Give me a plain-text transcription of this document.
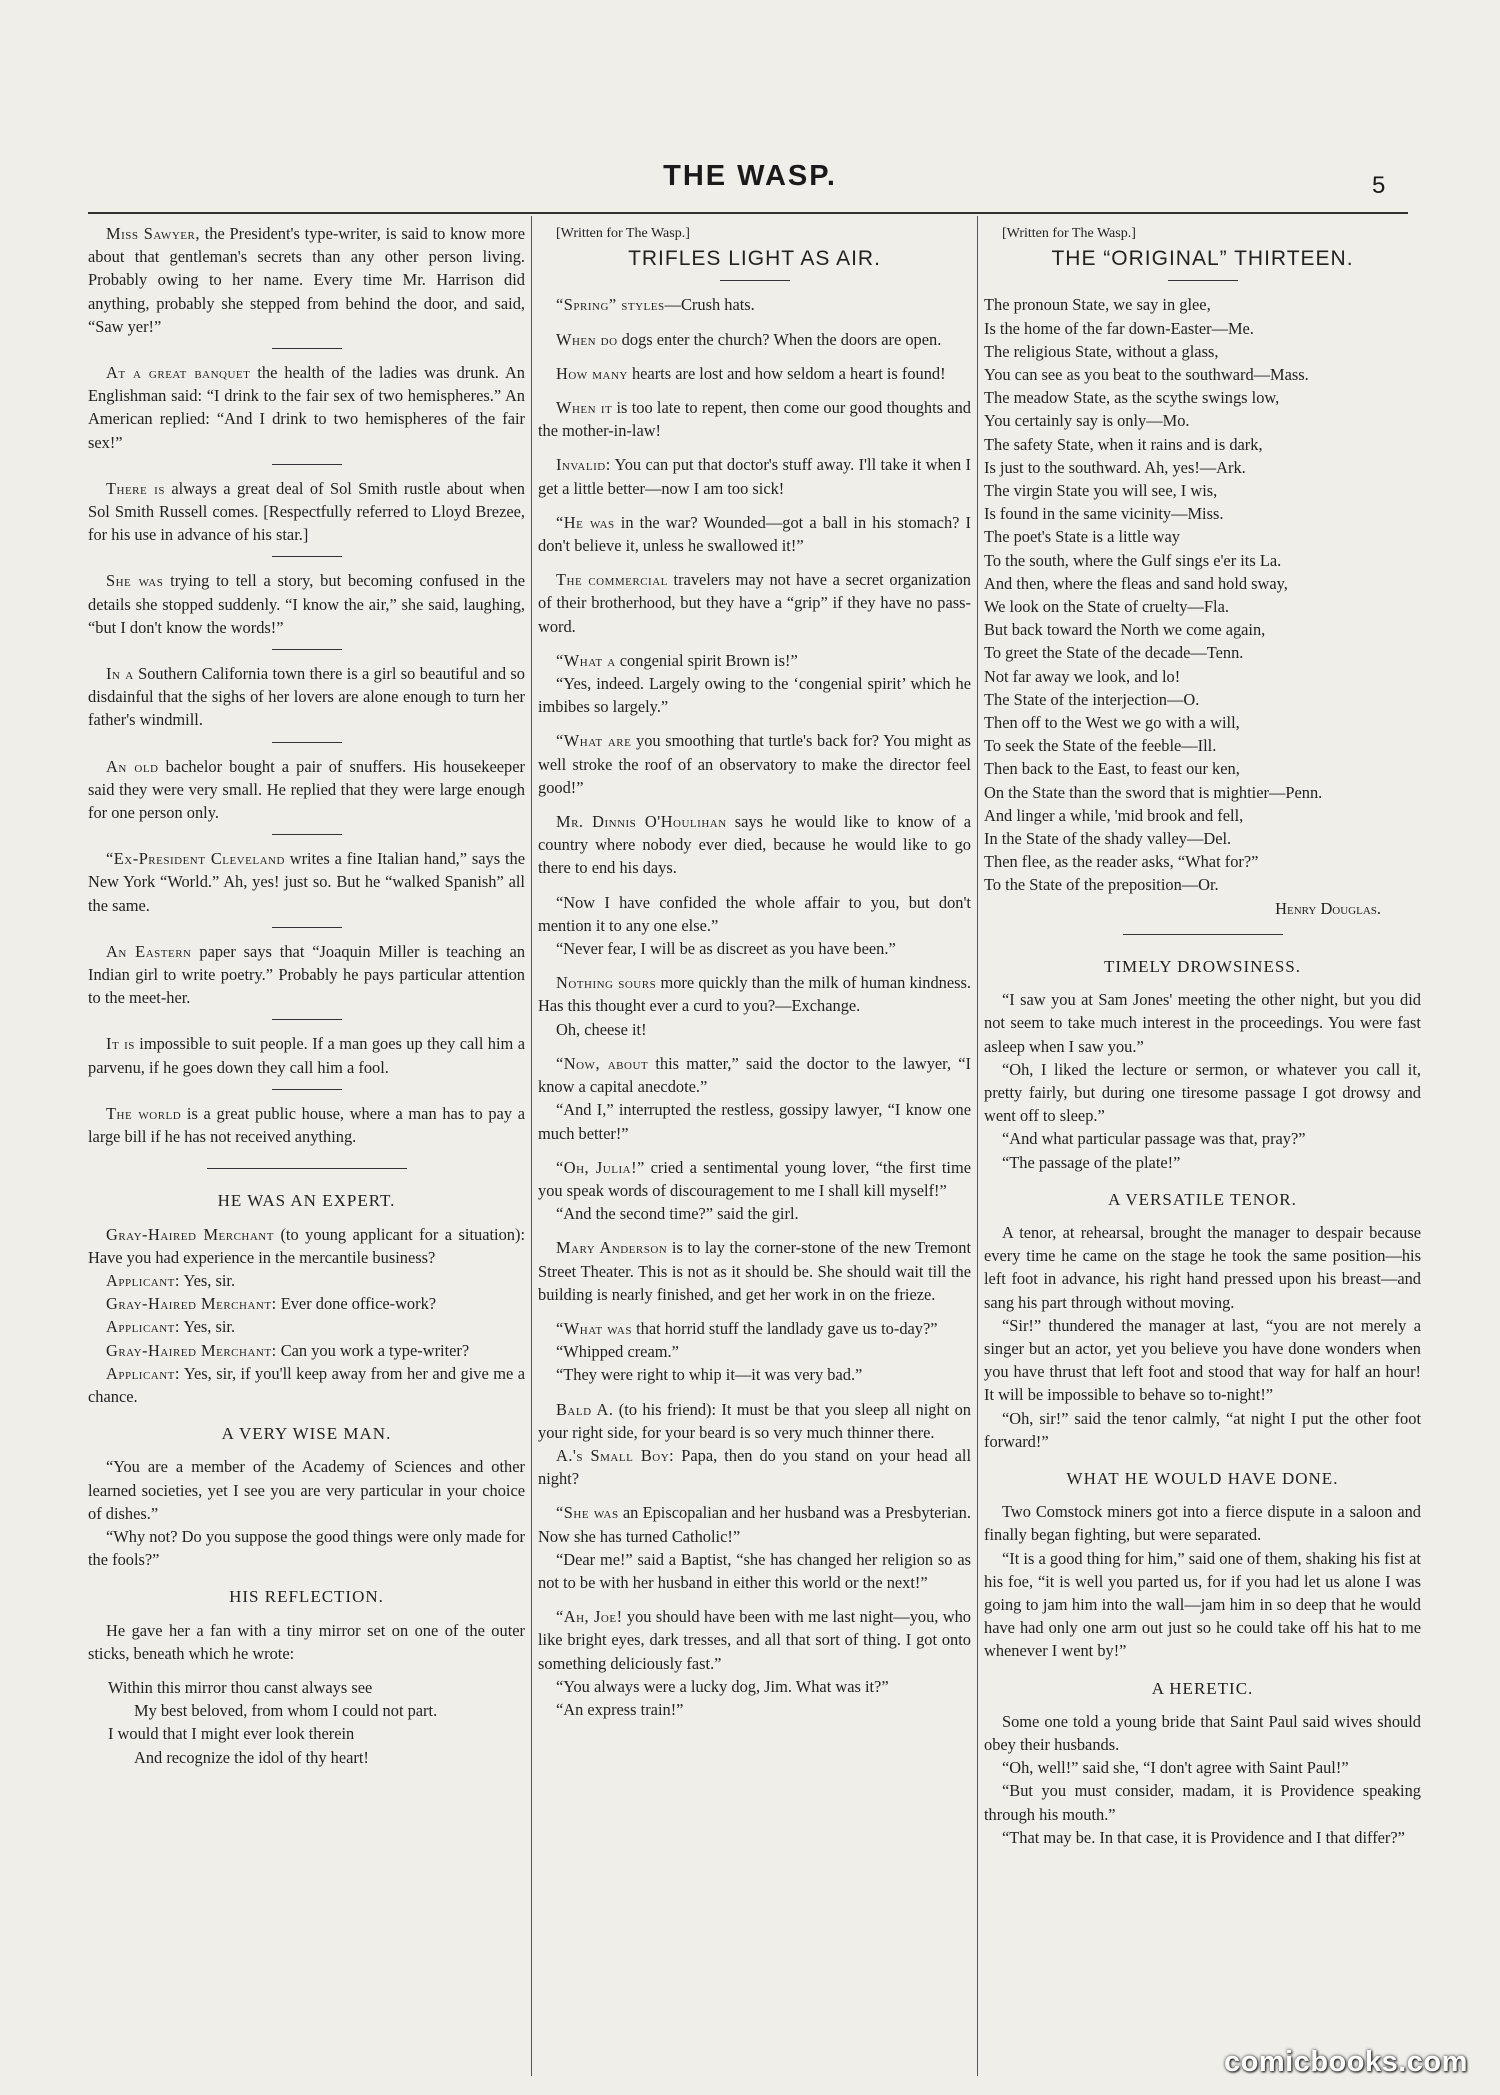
THE WASP.	5

Miss Sawyer, the President's type-writer, is said to know more about that gentleman's secrets than any other person living. Probably owing to her name. Every time Mr. Harrison did anything, probably she stepped from behind the door, and said, “Saw yer!”

At a great banquet the health of the ladies was drunk. An Englishman said: “I drink to the fair sex of two hemispheres.” An American replied: “And I drink to two hemispheres of the fair sex!”

There is always a great deal of Sol Smith rustle about when Sol Smith Russell comes. [Respectfully referred to Lloyd Brezee, for his use in advance of his star.]

She was trying to tell a story, but becoming confused in the details she stopped suddenly. “I know the air,” she said, laughing, “but I don't know the words!”

In a Southern California town there is a girl so beautiful and so disdainful that the sighs of her lovers are alone enough to turn her father's windmill.

An old bachelor bought a pair of snuffers. His housekeeper said they were very small. He replied that they were large enough for one person only.

“Ex-President Cleveland writes a fine Italian hand,” says the New York “World.” Ah, yes! just so. But he “walked Spanish” all the same.

An Eastern paper says that “Joaquin Miller is teaching an Indian girl to write poetry.” Probably he pays particular attention to the meet-her.

It is impossible to suit people. If a man goes up they call him a parvenu, if he goes down they call him a fool.

The world is a great public house, where a man has to pay a large bill if he has not received anything.

HE WAS AN EXPERT.

Gray-Haired Merchant (to young applicant for a situation): Have you had experience in the mercantile business?

Applicant: Yes, sir.

Gray-Haired Merchant: Ever done office-work?

Applicant: Yes, sir.

Gray-Haired Merchant: Can you work a type-writer?

Applicant: Yes, sir, if you'll keep away from her and give me a chance.

A VERY WISE MAN.

“You are a member of the Academy of Sciences and other learned societies, yet I see you are very particular in your choice of dishes.”

“Why not? Do you suppose the good things were only made for the fools?”

HIS REFLECTION.

He gave her a fan with a tiny mirror set on one of the outer sticks, beneath which he wrote:

Within this mirror thou canst always see
My best beloved, from whom I could not part.
I would that I might ever look therein
And recognize the idol of thy heart!

[Written for The Wasp.]

TRIFLES LIGHT AS AIR.

“Spring” styles—Crush hats.

When do dogs enter the church? When the doors are open.

How many hearts are lost and how seldom a heart is found!

When it is too late to repent, then come our good thoughts and the mother-in-law!

Invalid: You can put that doctor's stuff away. I'll take it when I get a little better—now I am too sick!

“He was in the war? Wounded—got a ball in his stomach? I don't believe it, unless he swallowed it!”

The commercial travelers may not have a secret organization of their brotherhood, but they have a “grip” if they have no pass-word.

“What a congenial spirit Brown is!”

“Yes, indeed. Largely owing to the ‘congenial spirit’ which he imbibes so largely.”

“What are you smoothing that turtle's back for? You might as well stroke the roof of an observatory to make the director feel good!”

Mr. Dinnis O'Houlihan says he would like to know of a country where nobody ever died, because he would like to go there to end his days.

“Now I have confided the whole affair to you, but don't mention it to any one else.”

“Never fear, I will be as discreet as you have been.”

Nothing sours more quickly than the milk of human kindness. Has this thought ever a curd to you?—Exchange.

Oh, cheese it!

“Now, about this matter,” said the doctor to the lawyer, “I know a capital anecdote.”

“And I,” interrupted the restless, gossipy lawyer, “I know one much better!”

“Oh, Julia!” cried a sentimental young lover, “the first time you speak words of discouragement to me I shall kill myself!”

“And the second time?” said the girl.

Mary Anderson is to lay the corner-stone of the new Tremont Street Theater. This is not as it should be. She should wait till the building is nearly finished, and get her work in on the frieze.

“What was that horrid stuff the landlady gave us to-day?”

“Whipped cream.”

“They were right to whip it—it was very bad.”

Bald A. (to his friend): It must be that you sleep all night on your right side, for your beard is so very much thinner there.

A.'s Small Boy: Papa, then do you stand on your head all night?

“She was an Episcopalian and her husband was a Presbyterian. Now she has turned Catholic!”

“Dear me!” said a Baptist, “she has changed her religion so as not to be with her husband in either this world or the next!”

“Ah, Joe! you should have been with me last night—you, who like bright eyes, dark tresses, and all that sort of thing. I got onto something deliciously fast.”

“You always were a lucky dog, Jim. What was it?”

“An express train!”

[Written for The Wasp.]

THE “ORIGINAL” THIRTEEN.
The pronoun State, we say in glee,
Is the home of the far down-Easter—Me.
The religious State, without a glass,
You can see as you beat to the southward—Mass.
The meadow State, as the scythe swings low,
You certainly say is only—Mo.
The safety State, when it rains and is dark,
Is just to the southward. Ah, yes!—Ark.
The virgin State you will see, I wis,
Is found in the same vicinity—Miss.
The poet's State is a little way
To the south, where the Gulf sings e'er its La.
And then, where the fleas and sand hold sway,
We look on the State of cruelty—Fla.
But back toward the North we come again,
To greet the State of the decade—Tenn.
Not far away we look, and lo!
The State of the interjection—O.
Then off to the West we go with a will,
To seek the State of the feeble—Ill.
Then back to the East, to feast our ken,
On the State than the sword that is mightier—Penn.
And linger a while, 'mid brook and fell,
In the State of the shady valley—Del.
Then flee, as the reader asks, “What for?”
To the State of the preposition—Or.

Henry Douglas.

TIMELY DROWSINESS.

“I saw you at Sam Jones' meeting the other night, but you did not seem to take much interest in the proceedings. You were fast asleep when I saw you.”

“Oh, I liked the lecture or sermon, or whatever you call it, pretty fairly, but during one tiresome passage I got drowsy and went off to sleep.”

“And what particular passage was that, pray?”

“The passage of the plate!”

A VERSATILE TENOR.

A tenor, at rehearsal, brought the manager to despair because every time he came on the stage he took the same position—his left foot in advance, his right hand pressed upon his breast—and sang his part through without moving.

“Sir!” thundered the manager at last, “you are not merely a singer but an actor, yet you believe you have done wonders when you have thrust that left foot and stood that way for half an hour! It will be impossible to behave so to-night!”

“Oh, sir!” said the tenor calmly, “at night I put the other foot forward!”

WHAT HE WOULD HAVE DONE.

Two Comstock miners got into a fierce dispute in a saloon and finally began fighting, but were separated.

“It is a good thing for him,” said one of them, shaking his fist at his foe, “it is well you parted us, for if you had let us alone I was going to jam him into the wall—jam him in so deep that he would have had only one arm out just so he could take off his hat to me whenever I went by!”

A HERETIC.

Some one told a young bride that Saint Paul said wives should obey their husbands.

“Oh, well!” said she, “I don't agree with Saint Paul!”

“But you must consider, madam, it is Providence speaking through his mouth.”

“That may be. In that case, it is Providence and I that differ?”

comicbooks.com
